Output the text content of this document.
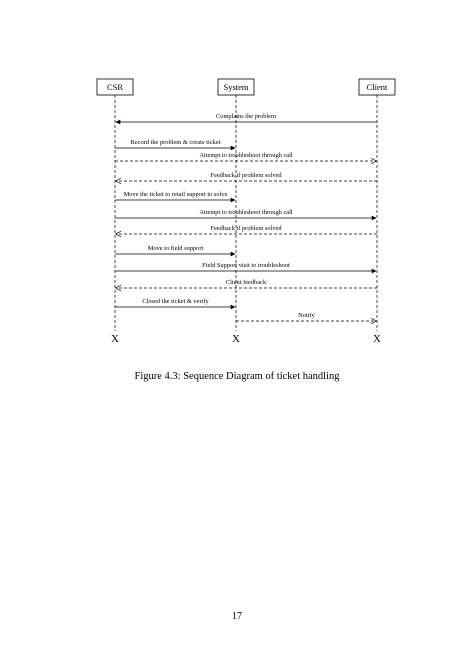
CSR
X
System
X
Client
X
Complains the problem
Record the problem & create ticket
Attempt to troubleshoot through call
Feedback if problem solved
Move the ticket to retail support to solve
Attempt to troubleshoot through call
Feedback if problem solved
Move to field support
Field Support visit to troubleshoot
Client feedback
Closed the ticket & verify
Notify
Figure 4.3: Sequence Diagram of ticket handling
17
